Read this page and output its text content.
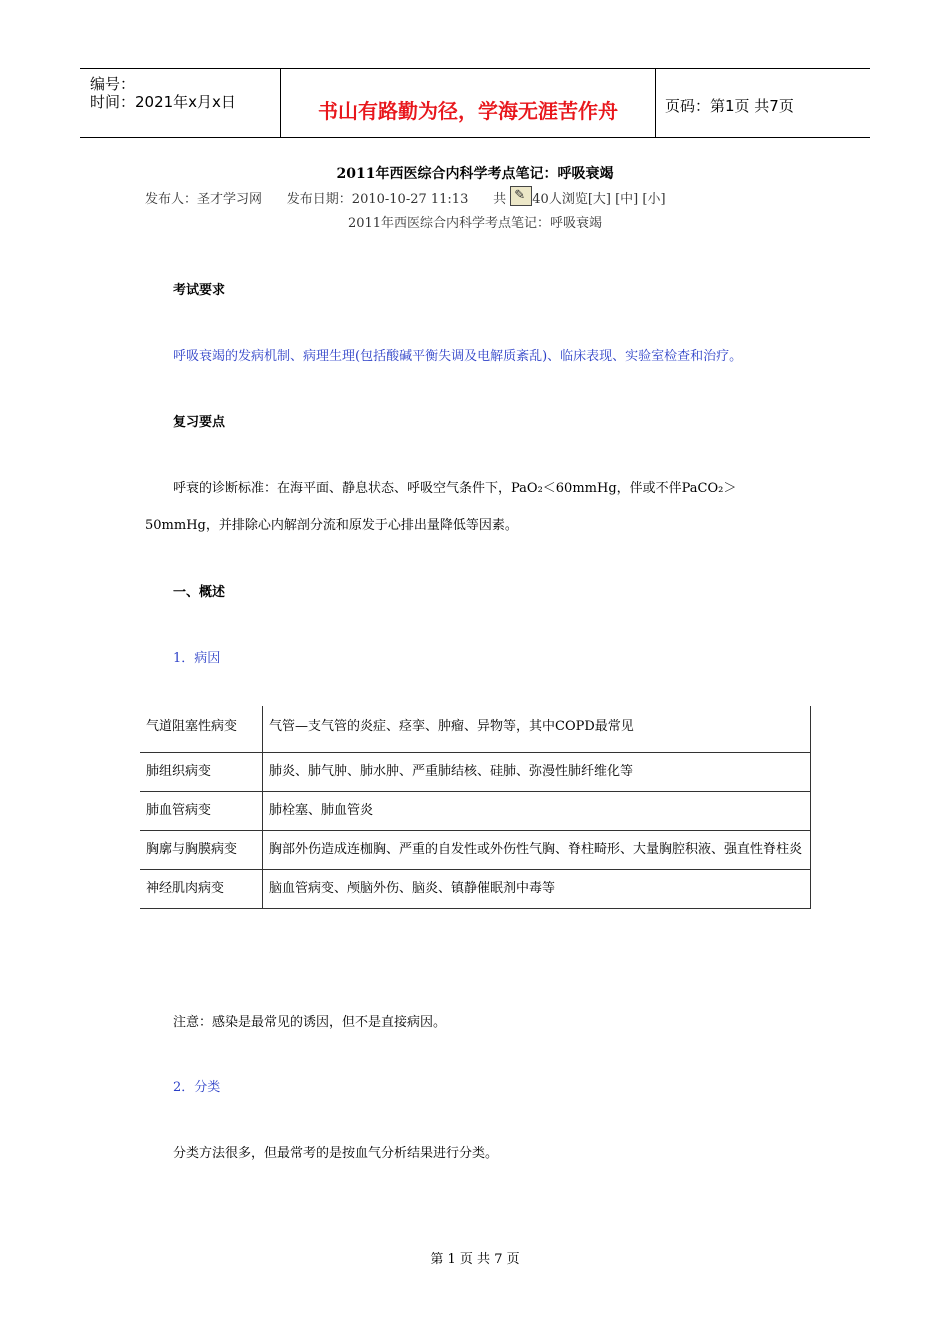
编号：
时间：2021年x月x日	书山有路勤为径，学海无涯苦作舟	页码：第1页 共7页
2011年西医综合内科学考点笔记：呼吸衰竭
发布人：圣才学习网      发布日期：2010-10-27 11:13      共 ✎ 40人浏览[大] [中] [小]
2011年西医综合内科学考点笔记：呼吸衰竭
考试要求
呼吸衰竭的发病机制、病理生理(包括酸碱平衡失调及电解质紊乱)、临床表现、实验室检查和治疗。
复习要点
呼衰的诊断标准：在海平面、静息状态、呼吸空气条件下，PaO₂＜60mmHg，伴或不伴PaCO₂＞
50mmHg，并排除心内解剖分流和原发于心排出量降低等因素。
一、概述
1．病因
气道阻塞性病变	气管—支气管的炎症、痉挛、肿瘤、异物等，其中COPD最常见
肺组织病变	肺炎、肺气肿、肺水肿、严重肺结核、硅肺、弥漫性肺纤维化等
肺血管病变	肺栓塞、肺血管炎
胸廓与胸膜病变	胸部外伤造成连枷胸、严重的自发性或外伤性气胸、脊柱畸形、大量胸腔积液、强直性脊柱炎
神经肌肉病变	脑血管病变、颅脑外伤、脑炎、镇静催眠剂中毒等
注意：感染是最常见的诱因，但不是直接病因。
2．分类
分类方法很多，但最常考的是按血气分析结果进行分类。
第 1 页 共 7 页
